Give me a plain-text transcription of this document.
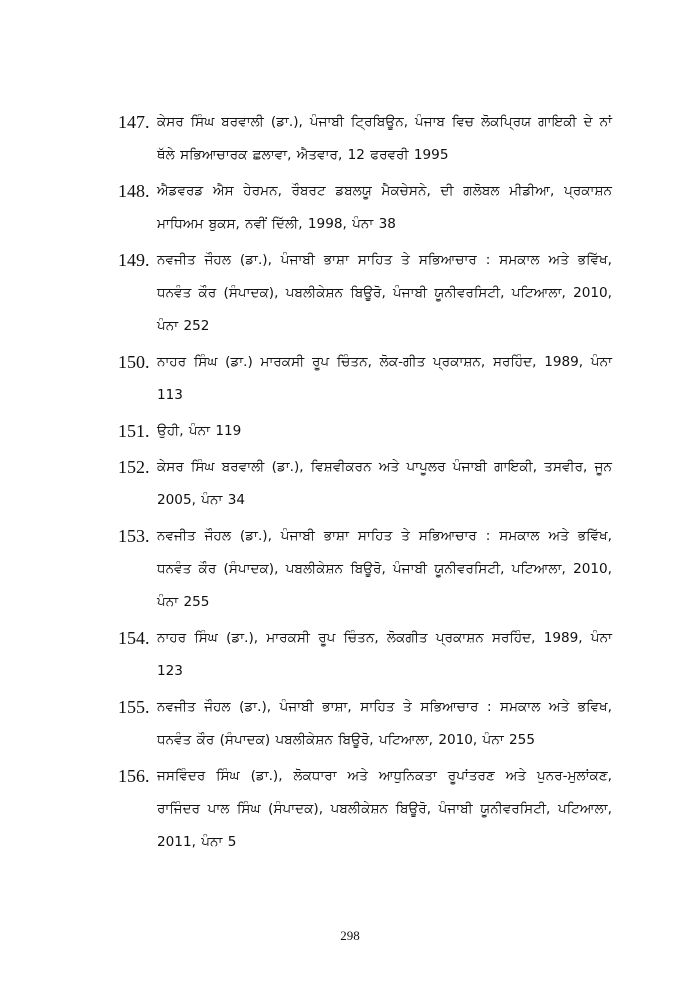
147. ਕੇਸਰ ਸਿੰਘ ਬਰਵਾਲੀ (ਡਾ.), ਪੰਜਾਬੀ ਟ੍ਰਿਬਿਊਨ, ਪੰਜਾਬ ਵਿਚ ਲੋਕਪ੍ਰਿਯ ਗਾਇਕੀ ਦੇ ਨਾਂ ਥੱਲੇ ਸਭਿਆਚਾਰਕ ਛਲਾਵਾ, ਐਤਵਾਰ, 12 ਫਰਵਰੀ 1995
148. ਐਡਵਰਡ ਐਸ ਹੇਰਮਨ, ਰੌਬਰਟ ਡਬਲਯੂ ਮੈਕਚੇਸਨੇ, ਦੀ ਗਲੋਬਲ ਮੀਡੀਆ, ਪ੍ਰਕਾਸ਼ਨ ਮਾਧਿਅਮ ਬੁਕਸ, ਨਵੀਂ ਦਿੱਲੀ, 1998, ਪੰਨਾ 38
149. ਨਵਜੀਤ ਜੌਹਲ (ਡਾ.), ਪੰਜਾਬੀ ਭਾਸ਼ਾ ਸਾਹਿਤ ਤੇ ਸਭਿਆਚਾਰ : ਸਮਕਾਲ ਅਤੇ ਭਵਿੱਖ, ਧਨਵੰਤ ਕੌਰ (ਸੰਪਾਦਕ), ਪਬਲੀਕੇਸ਼ਨ ਬਿਊਰੋ, ਪੰਜਾਬੀ ਯੂਨੀਵਰਸਿਟੀ, ਪਟਿਆਲਾ, 2010, ਪੰਨਾ 252
150. ਨਾਹਰ ਸਿੰਘ (ਡਾ.) ਮਾਰਕਸੀ ਰੂਪ ਚਿੰਤਨ, ਲੋਕ-ਗੀਤ ਪ੍ਰਕਾਸ਼ਨ, ਸਰਹਿੰਦ, 1989, ਪੰਨਾ 113
151. ਉਹੀ, ਪੰਨਾ 119
152. ਕੇਸਰ ਸਿੰਘ ਬਰਵਾਲੀ (ਡਾ.), ਵਿਸ਼ਵੀਕਰਨ ਅਤੇ ਪਾਪੂਲਰ ਪੰਜਾਬੀ ਗਾਇਕੀ, ਤਸਵੀਰ, ਜੂਨ 2005, ਪੰਨਾ 34
153. ਨਵਜੀਤ ਜੌਹਲ (ਡਾ.), ਪੰਜਾਬੀ ਭਾਸ਼ਾ ਸਾਹਿਤ ਤੇ ਸਭਿਆਚਾਰ : ਸਮਕਾਲ ਅਤੇ ਭਵਿੱਖ, ਧਨਵੰਤ ਕੌਰ (ਸੰਪਾਦਕ), ਪਬਲੀਕੇਸ਼ਨ ਬਿਊਰੋ, ਪੰਜਾਬੀ ਯੂਨੀਵਰਸਿਟੀ, ਪਟਿਆਲਾ, 2010, ਪੰਨਾ 255
154. ਨਾਹਰ ਸਿੰਘ (ਡਾ.), ਮਾਰਕਸੀ ਰੂਪ ਚਿੰਤਨ, ਲੋਕਗੀਤ ਪ੍ਰਕਾਸ਼ਨ ਸਰਹਿੰਦ, 1989, ਪੰਨਾ 123
155. ਨਵਜੀਤ ਜੌਹਲ (ਡਾ.), ਪੰਜਾਬੀ ਭਾਸ਼ਾ, ਸਾਹਿਤ ਤੇ ਸਭਿਆਚਾਰ : ਸਮਕਾਲ ਅਤੇ ਭਵਿਖ, ਧਨਵੰਤ ਕੌਰ (ਸੰਪਾਦਕ) ਪਬਲੀਕੇਸ਼ਨ ਬਿਊਰੋ, ਪਟਿਆਲਾ, 2010, ਪੰਨਾ 255
156. ਜਸਵਿੰਦਰ ਸਿੰਘ (ਡਾ.), ਲੋਕਧਾਰਾ ਅਤੇ ਆਧੁਨਿਕਤਾ ਰੂਪਾਂਤਰਣ ਅਤੇ ਪੁਨਰ-ਮੁਲਾਂਕਣ, ਰਾਜਿੰਦਰ ਪਾਲ ਸਿੰਘ (ਸੰਪਾਦਕ), ਪਬਲੀਕੇਸ਼ਨ ਬਿਊਰੋ, ਪੰਜਾਬੀ ਯੂਨੀਵਰਸਿਟੀ, ਪਟਿਆਲਾ, 2011, ਪੰਨਾ 5
298
